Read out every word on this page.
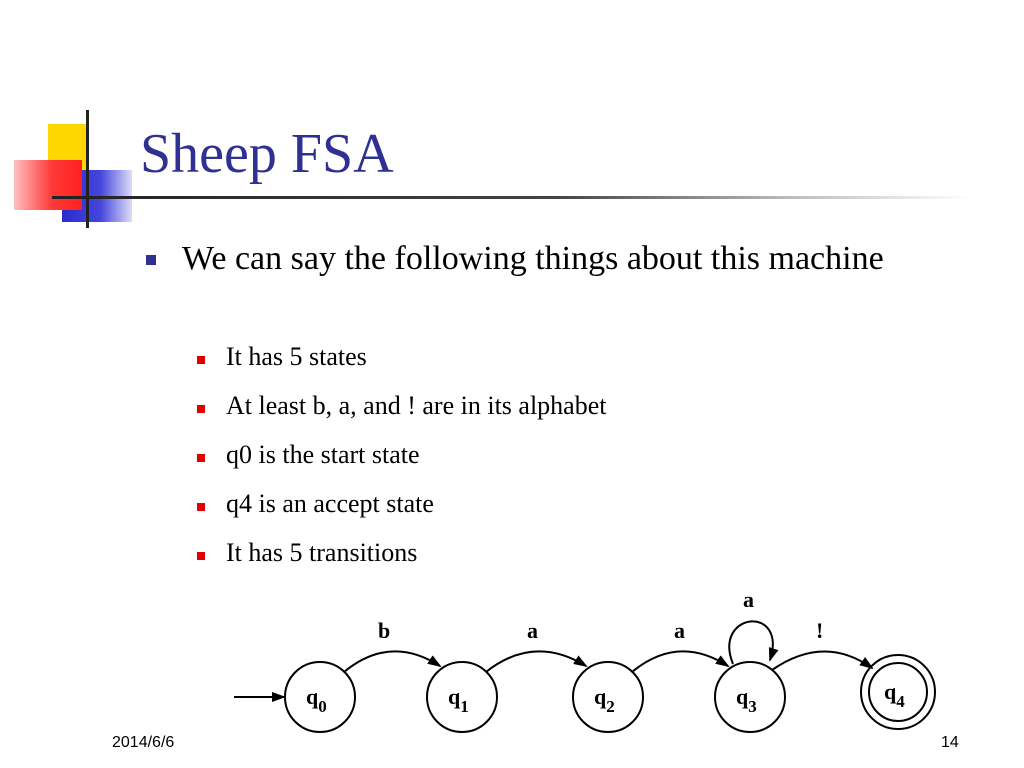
Sheep FSA
We can say the following things about this machine
It has 5 states
At least b, a, and ! are in its alphabet
q0 is the start state
q4 is an accept state
It has 5 transitions
$q_0$	$q_1$	$q_2$	$q_3$
$q_4$
b	a	a
a
!
2014/6/6	14
